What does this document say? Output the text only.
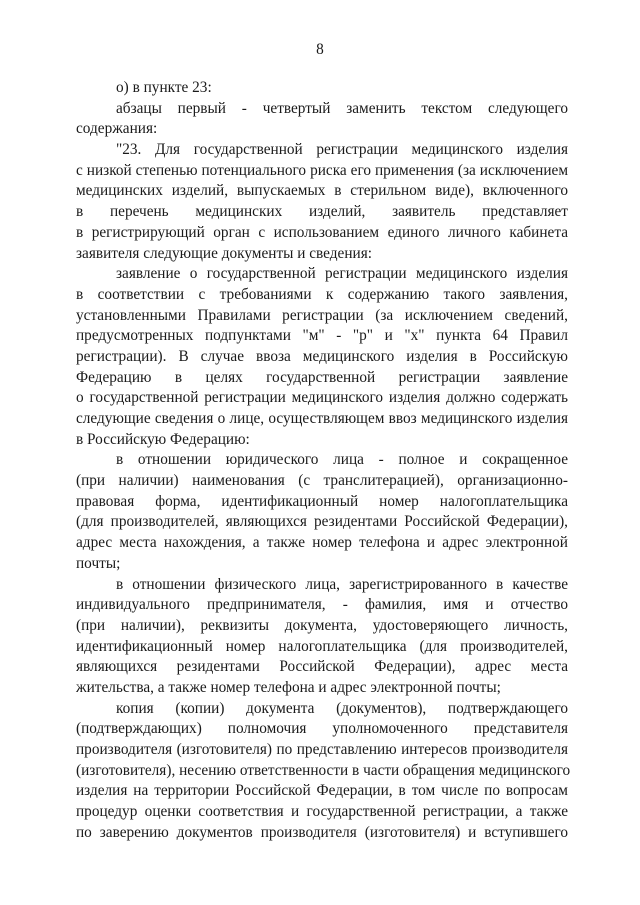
8
о) в пункте 23:
абзацы первый - четвертый заменить текстом следующего
содержания:
"23. Для государственной регистрации медицинского изделия
с низкой степенью потенциального риска его применения (за исключением
медицинских изделий, выпускаемых в стерильном виде), включенного
в перечень медицинских изделий, заявитель представляет
в регистрирующий орган с использованием единого личного кабинета
заявителя следующие документы и сведения:
заявление о государственной регистрации медицинского изделия
в соответствии с требованиями к содержанию такого заявления,
установленными Правилами регистрации (за исключением сведений,
предусмотренных подпунктами "м" - "р" и "х" пункта 64 Правил
регистрации). В случае ввоза медицинского изделия в Российскую
Федерацию в целях государственной регистрации заявление
о государственной регистрации медицинского изделия должно содержать
следующие сведения о лице, осуществляющем ввоз медицинского изделия
в Российскую Федерацию:
в отношении юридического лица - полное и сокращенное
(при наличии) наименования (с транслитерацией), организационно-
правовая форма, идентификационный номер налогоплательщика
(для производителей, являющихся резидентами Российской Федерации),
адрес места нахождения, а также номер телефона и адрес электронной
почты;
в отношении физического лица, зарегистрированного в качестве
индивидуального предпринимателя, - фамилия, имя и отчество
(при наличии), реквизиты документа, удостоверяющего личность,
идентификационный номер налогоплательщика (для производителей,
являющихся резидентами Российской Федерации), адрес места
жительства, а также номер телефона и адрес электронной почты;
копия (копии) документа (документов), подтверждающего
(подтверждающих) полномочия уполномоченного представителя
производителя (изготовителя) по представлению интересов производителя
(изготовителя), несению ответственности в части обращения медицинского
изделия на территории Российской Федерации, в том числе по вопросам
процедур оценки соответствия и государственной регистрации, а также
по заверению документов производителя (изготовителя) и вступившего
